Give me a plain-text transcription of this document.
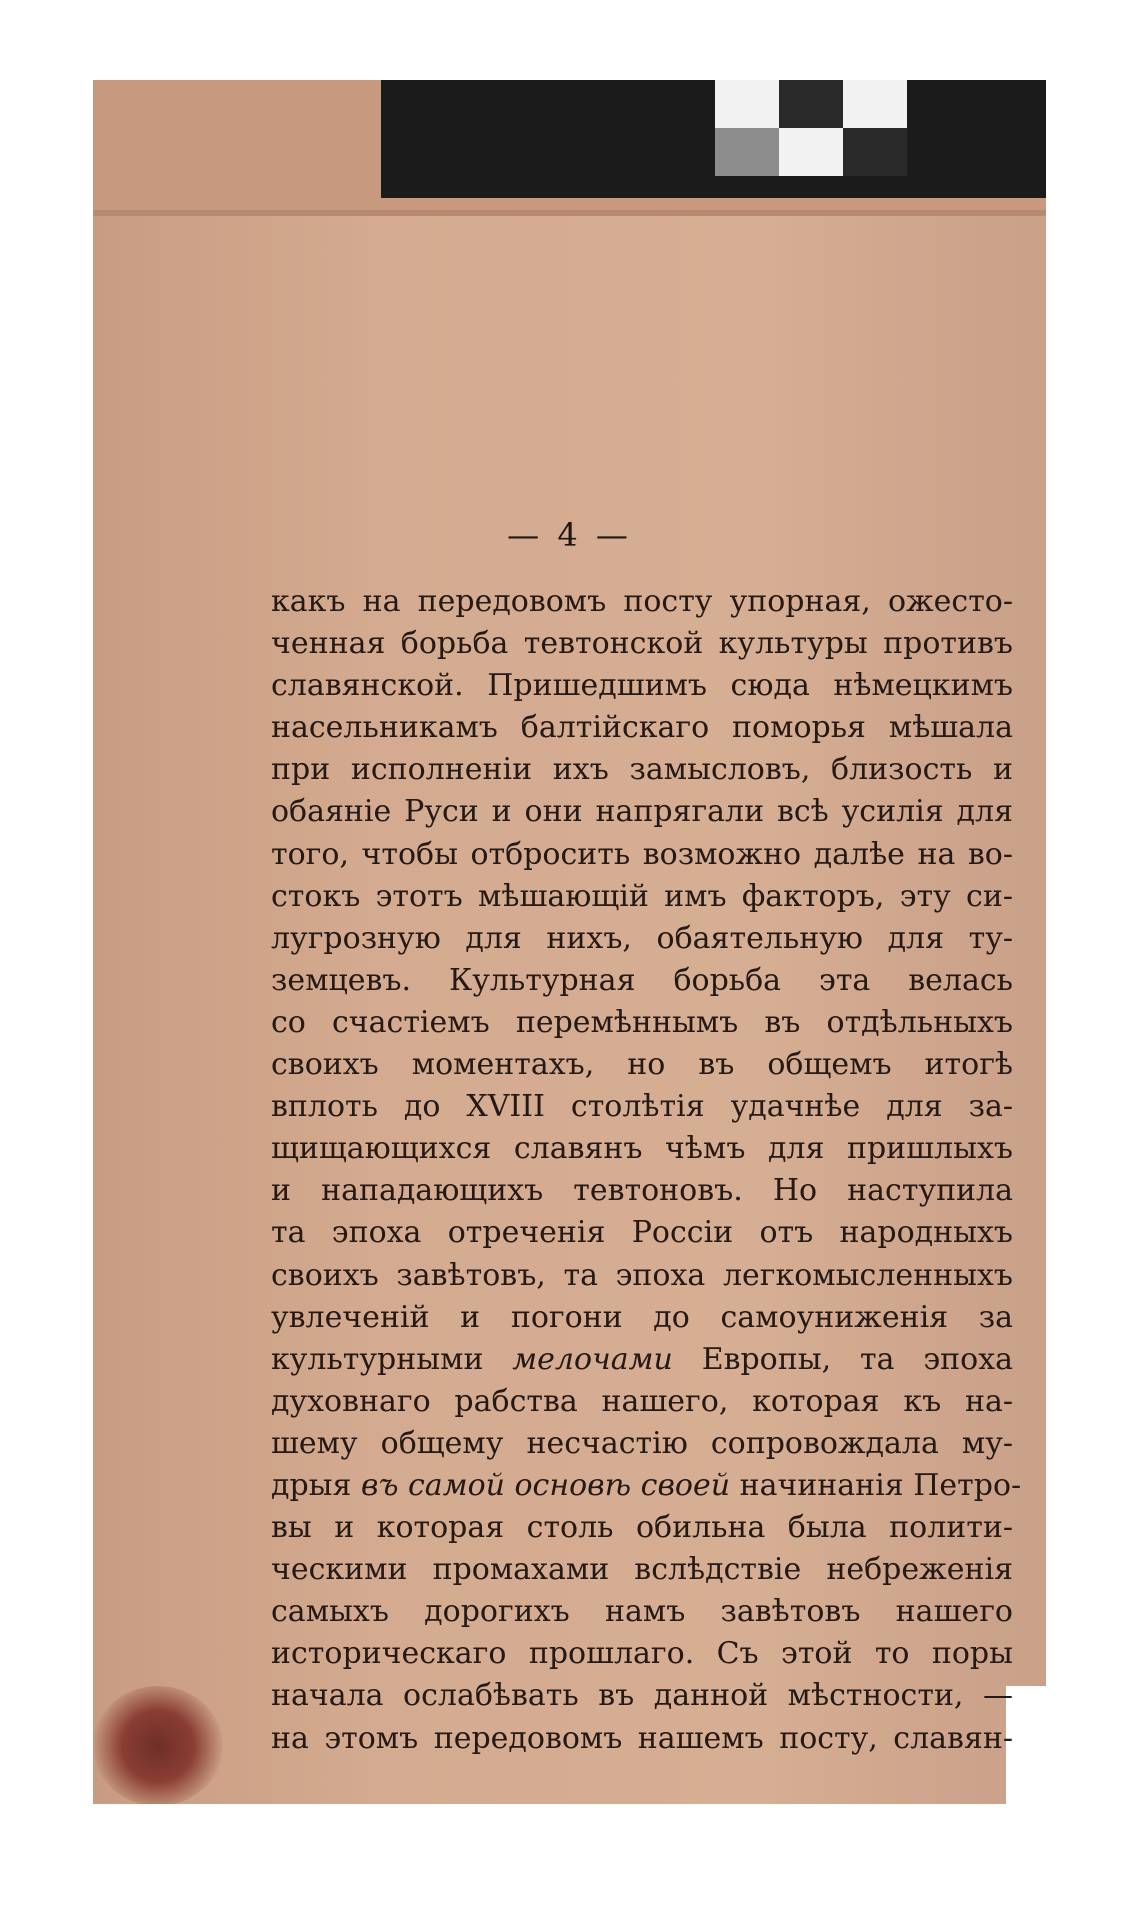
— 4 —
какъ на передовомъ посту упорная, ожесто-
ченная борьба тевтонской культуры противъ
славянской. Пришедшимъ сюда нѣмецкимъ
насельникамъ балтійскаго поморья мѣшала
при исполненіи ихъ замысловъ, близость и
обаяніе Руси и они напрягали всѣ усилія для
того, чтобы отбросить возможно далѣе на во-
стокъ этотъ мѣшающій имъ факторъ, эту си-
лугрозную для нихъ, обаятельную для ту-
земцевъ. Культурная борьба эта велась
со счастіемъ перемѣннымъ въ отдѣльныхъ
своихъ моментахъ, но въ общемъ итогѣ
вплоть до XVIII столѣтія удачнѣе для за-
щищающихся славянъ чѣмъ для пришлыхъ
и нападающихъ тевтоновъ. Но наступила
та эпоха отреченія Россіи отъ народныхъ
своихъ завѣтовъ, та эпоха легкомысленныхъ
увлеченій и погони до самоуниженія за
культурными мелочами Европы, та эпоха
духовнаго рабства нашего, которая къ на-
шему общему несчастію сопровождала му-
дрыя въ самой основѣ своей начинанія Петро-
вы и которая столь обильна была полити-
ческими промахами вслѣдствіе небреженія
самыхъ дорогихъ намъ завѣтовъ нашего
историческаго прошлаго. Съ этой то поры
начала ослабѣвать въ данной мѣстности, —
на этомъ передовомъ нашемъ посту, славян-
